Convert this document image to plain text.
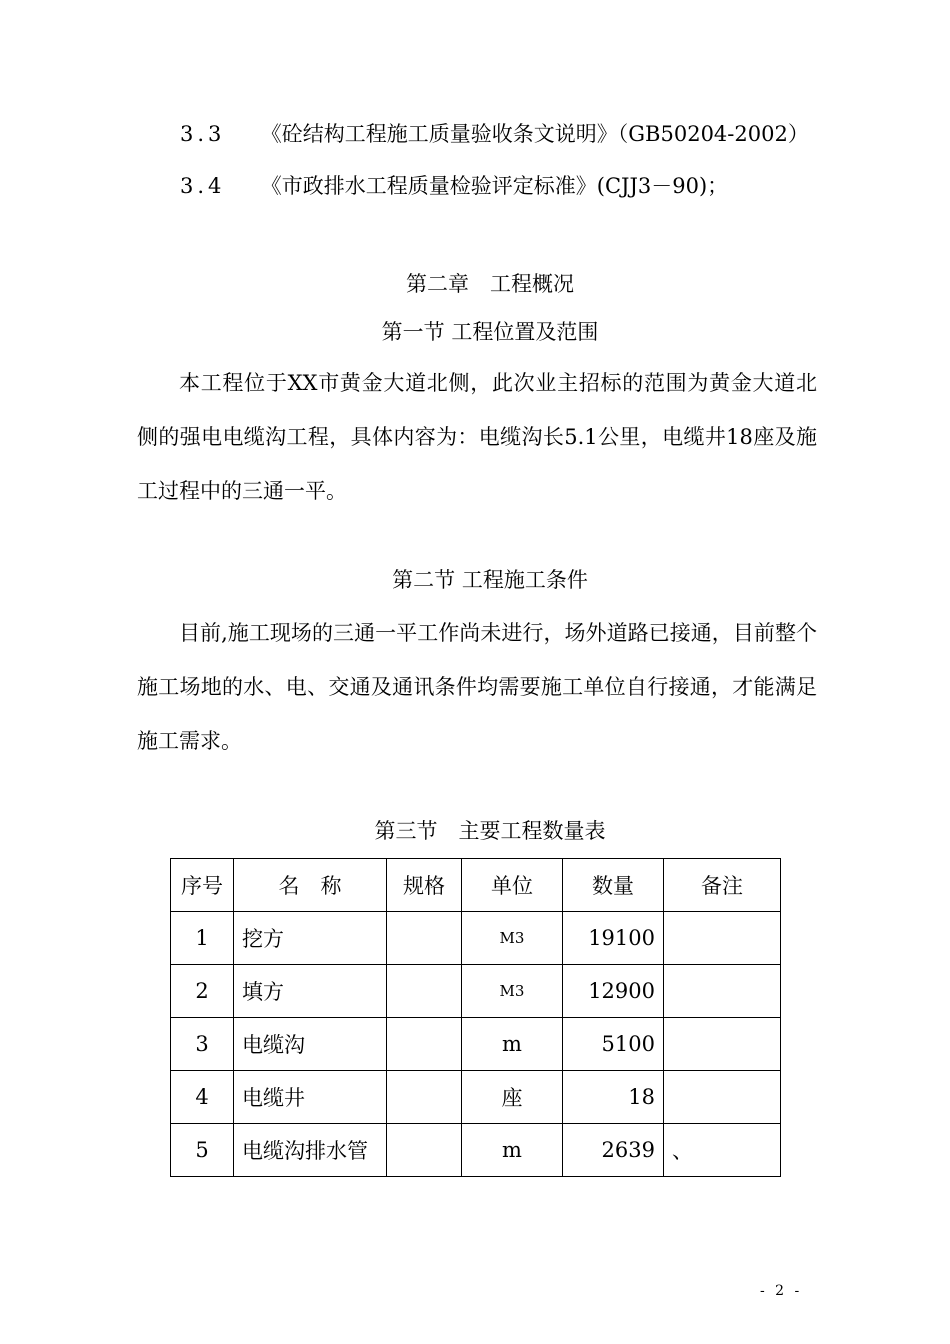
3.3 《砼结构工程施工质量验收条文说明》（GB50204-2002）
3.4 《市政排水工程质量检验评定标准》(CJJ3－90)；
第二章　工程概况
第一节 工程位置及范围
本工程位于XX市黄金大道北侧，此次业主招标的范围为黄金大道北侧的强电电缆沟工程，具体内容为：电缆沟长5.1公里，电缆井18座及施工过程中的三通一平。
第二节 工程施工条件
目前,施工现场的三通一平工作尚未进行，场外道路已接通，目前整个施工场地的水、电、交通及通讯条件均需要施工单位自行接通，才能满足施工需求。
第三节　主要工程数量表
序号	名　称	规格	单位	数量	备注
1	挖方		M3	19100	
2	填方		M3	12900	
3	电缆沟		m	5100	
4	电缆井		座	18	
5	电缆沟排水管		m	2639	、
- 2 -
